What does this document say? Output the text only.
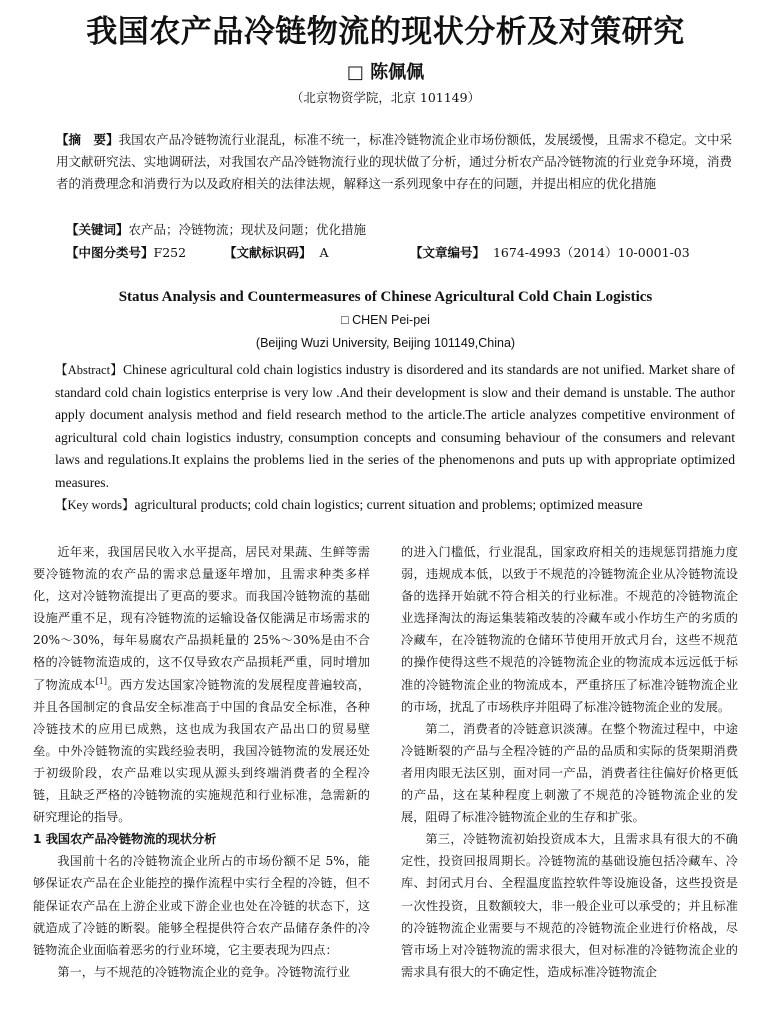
我国农产品冷链物流的现状分析及对策研究
□ 陈佩佩
（北京物资学院，北京 101149）
【摘　要】我国农产品冷链物流行业混乱，标准不统一，标准冷链物流企业市场份额低，发展缓慢，且需求不稳定。文中采用文献研究法、实地调研法，对我国农产品冷链物流行业的现状做了分析，通过分析农产品冷链物流的行业竞争环境，消费者的消费理念和消费行为以及政府相关的法律法规，解释这一系列现象中存在的问题，并提出相应的优化措施
【关键词】农产品；冷链物流；现状及问题；优化措施
【中图分类号】F252	【文献标识码】 A	【文章编号】 1674-4993（2014）10-0001-03
Status Analysis and Countermeasures of Chinese Agricultural Cold Chain Logistics
□ CHEN Pei-pei
(Beijing Wuzi University, Beijing 101149,China)
【Abstract】Chinese agricultural cold chain logistics industry is disordered and its standards are not unified. Market share of standard cold chain logistics enterprise is very low .And their development is slow and their demand is unstable. The author apply document analysis method and field research method to the article.The article analyzes competitive environment of agricultural cold chain logistics industry, consumption concepts and consuming behaviour of the consumers and relevant laws and regulations.It explains the problems lied in the series of the phenomenons and puts up with appropriate optimized measures.
【Key words】agricultural products; cold chain logistics; current situation and problems; optimized measure

近年来，我国居民收入水平提高，居民对果蔬、生鲜等需要冷链物流的农产品的需求总量逐年增加，且需求种类多样化，这对冷链物流提出了更高的要求。而我国冷链物流的基础设施严重不足，现有冷链物流的运输设备仅能满足市场需求的 20%～30%，每年易腐农产品损耗量的 25%～30%是由不合格的冷链物流造成的，这不仅导致农产品损耗严重，同时增加了物流成本[1]。西方发达国家冷链物流的发展程度普遍较高，并且各国制定的食品安全标准高于中国的食品安全标准，各种冷链技术的应用已成熟，这也成为我国农产品出口的贸易壁垒。中外冷链物流的实践经验表明，我国冷链物流的发展还处于初级阶段，农产品难以实现从源头到终端消费者的全程冷链，且缺乏严格的冷链物流的实施规范和行业标准，急需新的研究理论的指导。

1 我国农产品冷链物流的现状分析

我国前十名的冷链物流企业所占的市场份额不足 5%，能够保证农产品在企业能控的操作流程中实行全程的冷链，但不能保证农产品在上游企业或下游企业也处在冷链的状态下，这就造成了冷链的断裂。能够全程提供符合农产品储存条件的冷链物流企业面临着恶劣的行业环境，它主要表现为四点：

第一，与不规范的冷链物流企业的竞争。冷链物流行业

的进入门槛低，行业混乱，国家政府相关的违规惩罚措施力度弱，违规成本低，以致于不规范的冷链物流企业从冷链物流设备的选择开始就不符合相关的行业标准。不规范的冷链物流企业选择淘汰的海运集装箱改装的冷藏车或小作坊生产的劣质的冷藏车，在冷链物流的仓储环节使用开放式月台，这些不规范的操作使得这些不规范的冷链物流企业的物流成本远远低于标准的冷链物流企业的物流成本，严重挤压了标准冷链物流企业的市场，扰乱了市场秩序并阻碍了标准冷链物流企业的发展。

第二，消费者的冷链意识淡薄。在整个物流过程中，中途冷链断裂的产品与全程冷链的产品的品质和实际的货架期消费者用肉眼无法区别，面对同一产品，消费者往往偏好价格更低的产品，这在某种程度上刺激了不规范的冷链物流企业的发展，阻碍了标准冷链物流企业的生存和扩张。

第三，冷链物流初始投资成本大，且需求具有很大的不确定性，投资回报周期长。冷链物流的基础设施包括冷藏车、冷库、封闭式月台、全程温度监控软件等设施设备，这些投资是一次性投资，且数额较大，非一般企业可以承受的；并且标准的冷链物流企业需要与不规范的冷链物流企业进行价格战，尽管市场上对冷链物流的需求很大，但对标准的冷链物流企业的需求具有很大的不确定性，造成标准冷链物流企
